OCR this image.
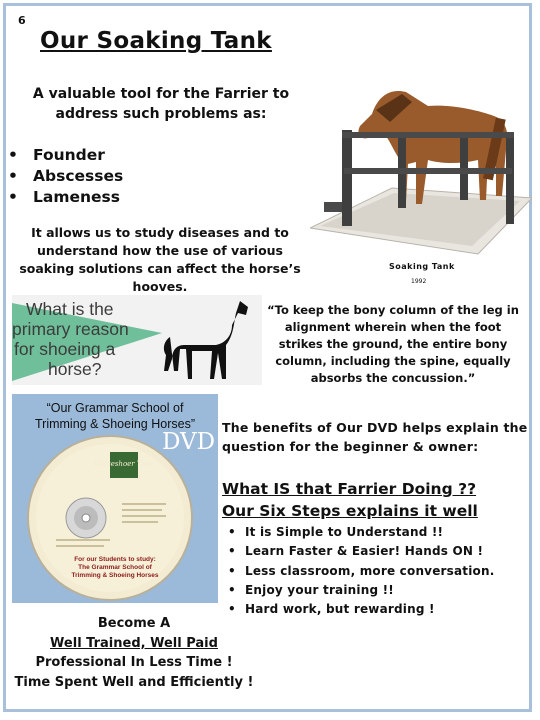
6
Our Soaking Tank
A valuable tool for the Farrier to address such problems as:
• Founder
• Abscesses
• Lameness
It allows us to study diseases and to understand how the use of various soaking solutions can affect the horse’s hooves.
Soaking Tank
1992
What is the
primary reason
for shoeing a
horse?
“To keep the bony column of the leg in alignment wherein when the foot strikes the ground, the entire bony column, including the spine, equally absorbs the concussion.”
“Our Grammar School of
Trimming & Shoeing Horses”
DVD
Horseshoer Time
For our Students to study: The Grammar School of Trimming & Shoeing Horses
The benefits of Our DVD helps explain the question for the beginner & owner:
What IS that Farrier Doing ??
Our Six Steps explains it well
• It is Simple to Understand !!
• Learn Faster & Easier! Hands ON !
• Less classroom, more conversation.
• Enjoy your training !!
• Hard work, but rewarding !
Become A
Well Trained, Well Paid
Professional In Less Time !
Time Spent Well and Efficiently !
